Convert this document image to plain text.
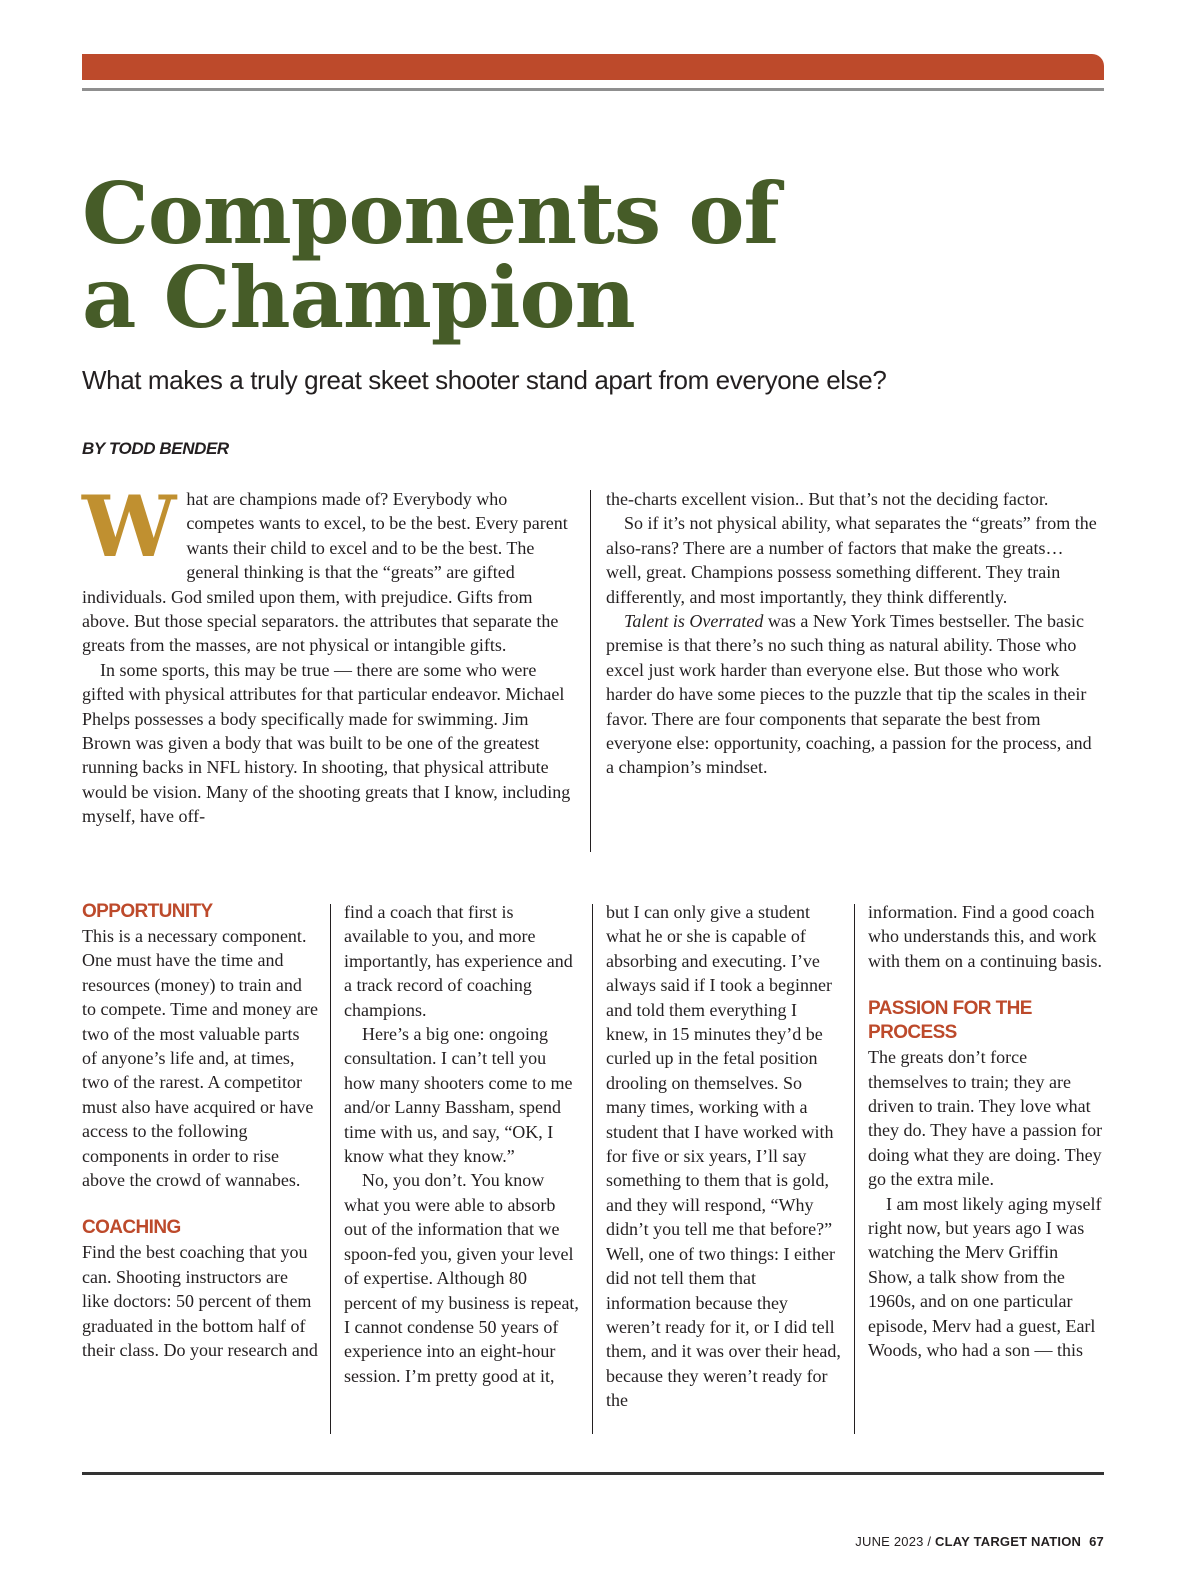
Components of
a Champion
What makes a truly great skeet shooter stand apart from everyone else?
BY TODD BENDER

What are champions made of? Everybody who competes wants to excel, to be the best. Every parent wants their child to excel and to be the best. The general thinking is that the “greats” are gifted individuals. God smiled upon them, with prejudice. Gifts from above. But those special separators. the attributes that separate the greats from the masses, are not physical or intangible gifts.

In some sports, this may be true — there are some who were gifted with physical attributes for that particular endeavor. Michael Phelps possesses a body specifically made for swimming. Jim Brown was given a body that was built to be one of the greatest running backs in NFL history. In shooting, that physical attribute would be vision. Many of the shooting greats that I know, including myself, have off-

the-charts excellent vision.. But that’s not the deciding factor.

So if it’s not physical ability, what separates the “greats” from the also-rans? There are a number of factors that make the greats… well, great. Champions possess something different. They train differently, and most importantly, they think differently.

Talent is Overrated was a New York Times bestseller. The basic premise is that there’s no such thing as natural ability. Those who excel just work harder than everyone else. But those who work harder do have some pieces to the puzzle that tip the scales in their favor. There are four components that separate the best from everyone else: opportunity, coaching, a passion for the process, and a champion’s mindset.

OPPORTUNITY

This is a necessary component. One must have the time and resources (money) to train and to compete. Time and money are two of the most valuable parts of anyone’s life and, at times, two of the rarest. A competitor must also have acquired or have access to the following components in order to rise above the crowd of wannabes.

COACHING

Find the best coaching that you can. Shooting instructors are like doctors: 50 percent of them graduated in the bottom half of their class. Do your research and

find a coach that first is available to you, and more importantly, has experience and a track record of coaching champions.

Here’s a big one: ongoing consultation. I can’t tell you how many shooters come to me and/or Lanny Bassham, spend time with us, and say, “OK, I know what they know.”

No, you don’t. You know what you were able to absorb out of the information that we spoon-fed you, given your level of expertise. Although 80 percent of my business is repeat, I cannot condense 50 years of experience into an eight-hour session. I’m pretty good at it,

but I can only give a student what he or she is capable of absorbing and executing. I’ve always said if I took a beginner and told them everything I knew, in 15 minutes they’d be curled up in the fetal position drooling on themselves. So many times, working with a student that I have worked with for five or six years, I’ll say something to them that is gold, and they will respond, “Why didn’t you tell me that before?” Well, one of two things: I either did not tell them that information because they weren’t ready for it, or I did tell them, and it was over their head, because they weren’t ready for the

information. Find a good coach who understands this, and work with them on a continuing basis.

PASSION FOR THE
PROCESS

The greats don’t force themselves to train; they are driven to train. They love what they do. They have a passion for doing what they are doing. They go the extra mile.

I am most likely aging myself right now, but years ago I was watching the Merv Griffin Show, a talk show from the 1960s, and on one particular episode, Merv had a guest, Earl Woods, who had a son — this

JUNE 2023 / CLAY TARGET NATION 67
